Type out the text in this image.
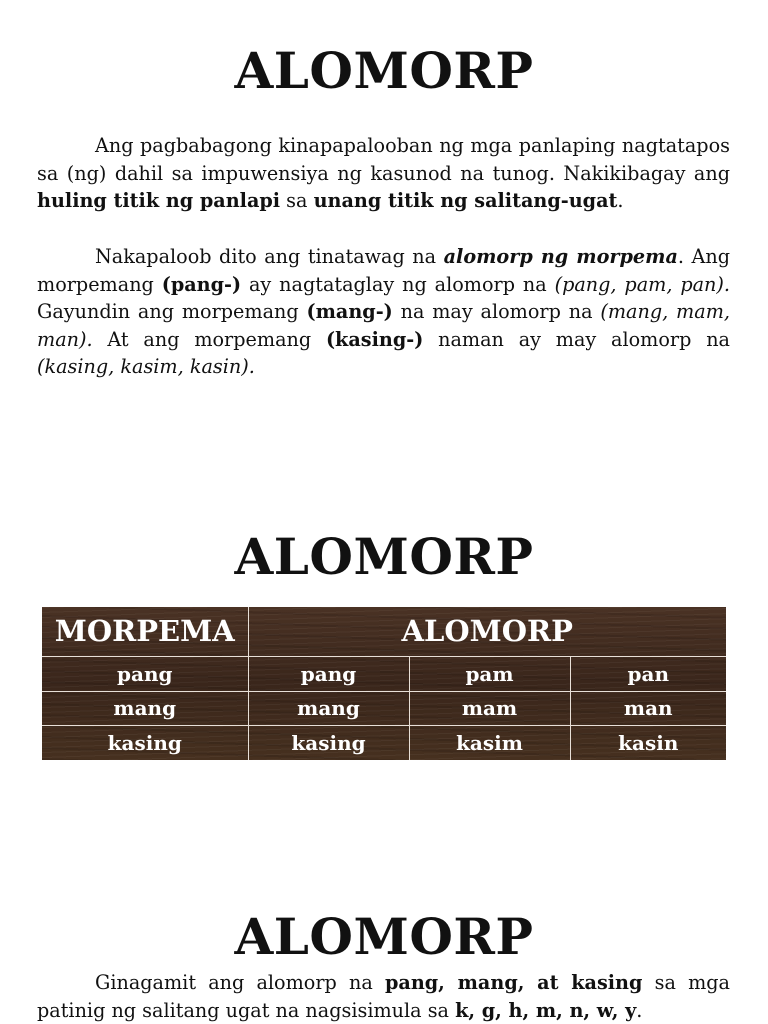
ALOMORP

Ang pagbabagong kinapapalooban ng mga panlaping nagtatapos sa (ng) dahil sa impuwensiya ng kasunod na tunog. Nakikibagay ang huling titik ng panlapi sa unang titik ng salitang-ugat.

Nakapaloob dito ang tinatawag na alomorp ng morpema. Ang morpemang (pang-) ay nagtataglay ng alomorp na (pang, pam, pan). Gayundin ang morpemang (mang-) na may alomorp na (mang, mam, man). At ang morpemang (kasing-) naman ay may alomorp na (kasing, kasim, kasin).

ALOMORP
MORPEMA	ALOMORP		
pang	pang	pam	pan
mang	mang	mam	man
kasing	kasing	kasim	kasin
ALOMORP

Ginagamit ang alomorp na pang, mang, at kasing sa mga patinig ng salitang ugat na nagsisimula sa k, g, h, m, n, w, y.
